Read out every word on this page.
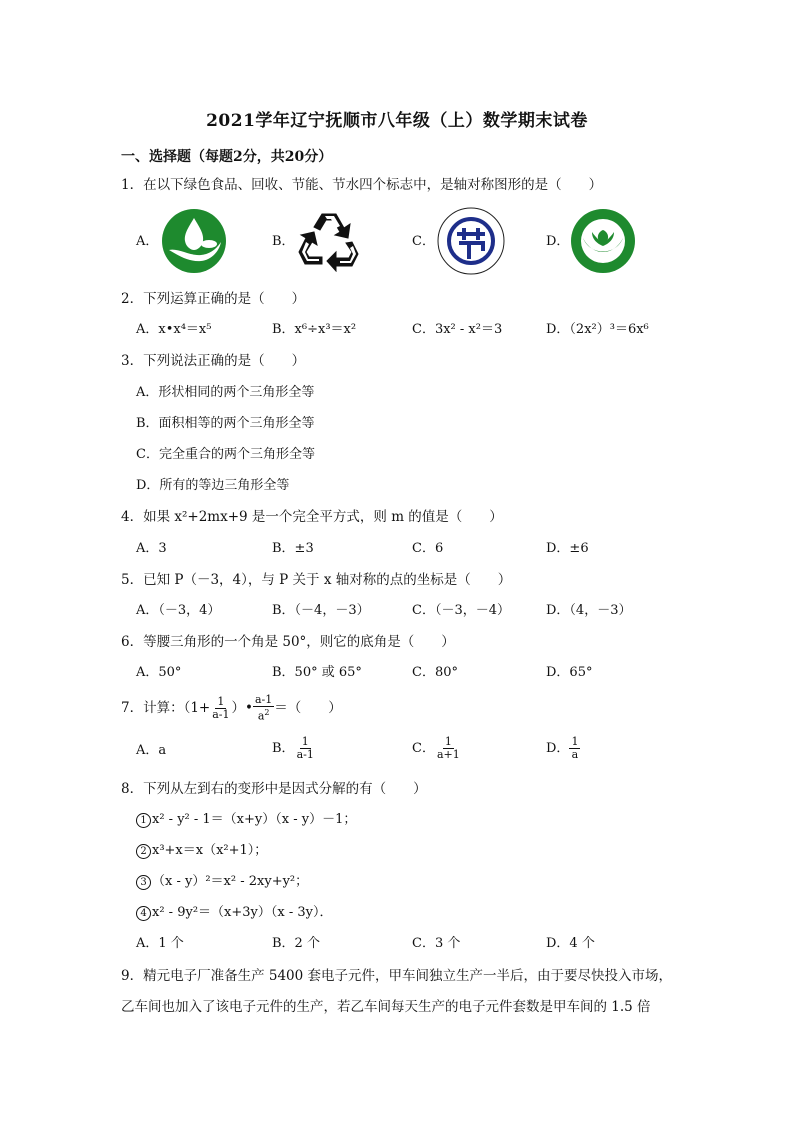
2021学年辽宁抚顺市八年级（上）数学期末试卷
一、选择题（每题2分，共20分）
1．在以下绿色食品、回收、节能、节水四个标志中，是轴对称图形的是（　　）
A．	B．	C．	D．
2．下列运算正确的是（　　）
A．x•x⁴＝x⁵	B．x⁶÷x³＝x²	C．3x² - x²＝3	D．（2x²）³＝6x⁶
3．下列说法正确的是（　　）
A．形状相同的两个三角形全等
B．面积相等的两个三角形全等
C．完全重合的两个三角形全等
D．所有的等边三角形全等
4．如果 x²+2mx+9 是一个完全平方式，则 m 的值是（　　）
A．3	B．±3	C．6	D．±6
5．已知 P（－3，4），与 P 关于 x 轴对称的点的坐标是（　　）
A．（－3，4）	B．（－4，－3）	C．（－3，－4）	D．（4，－3）
6．等腰三角形的一个角是 50°，则它的底角是（　　）
A．50°	B．50° 或 65°	C．80°	D．65°
7．计算：（$1+ \frac{1}{a-1}$ ）• $\frac{a-1}{a^2}$ ＝（　　）
A．a	B． $\frac{1}{a-1}$	C． $\frac{1}{a+1}$	D． $\frac{1}{a}$
8．下列从左到右的变形中是因式分解的有（　　）
1 x² - y² - 1＝（x+y）（x - y）－1；
2 x³+x＝x（x²+1）；
3 （x - y）²＝x² - 2xy+y²；
4 x² - 9y²＝（x+3y）（x - 3y）．
A．1 个	B．2 个	C．3 个	D．4 个
9．精元电子厂准备生产 5400 套电子元件，甲车间独立生产一半后，由于要尽快投入市场，
乙车间也加入了该电子元件的生产，若乙车间每天生产的电子元件套数是甲车间的 1.5 倍
